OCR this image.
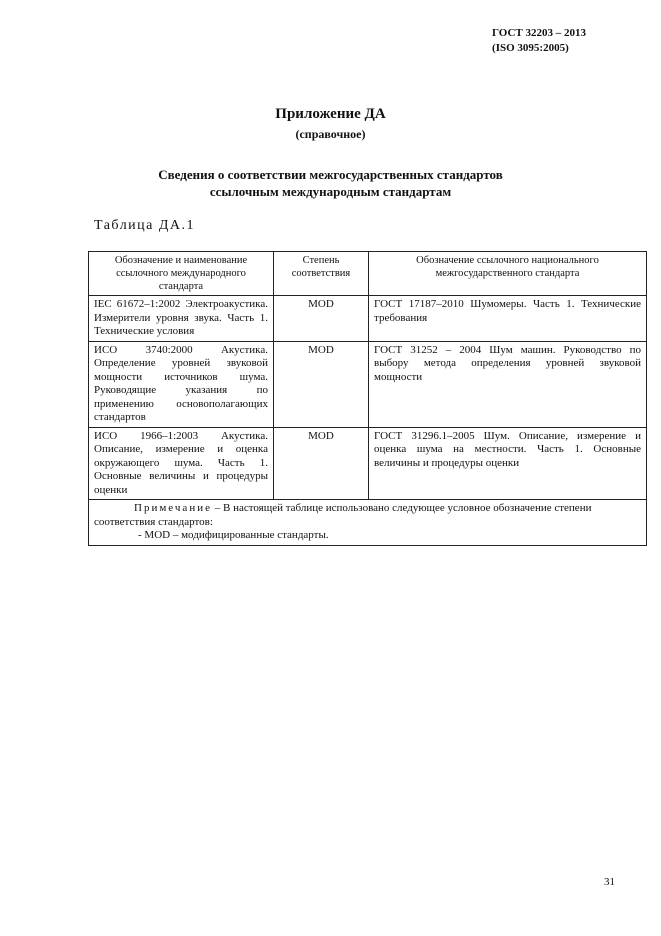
ГОСТ 32203 – 2013
(ISO 3095:2005)
Приложение ДА
(справочное)
Сведения о соответствии межгосударственных стандартов
ссылочным международным стандартам
Таблица ДА.1
Обозначение и наименование ссылочного международного стандарта	Степень соответствия	Обозначение ссылочного национального межгосударственного стандарта
IEC 61672–1:2002 Электроакустика. Измерители уровня звука. Часть 1. Технические условия	MOD	ГОСТ 17187–2010 Шумомеры. Часть 1. Технические требования
ИСО 3740:2000 Акустика. Определение уровней звуковой мощности источников шума. Руководящие указания по применению основополагающих стандартов	MOD	ГОСТ 31252 – 2004 Шум машин. Руководство по выбору метода определения уровней звуковой мощности
ИСО 1966–1:2003 Акустика. Описание, измерение и оценка окружающего шума. Часть 1. Основные величины и процедуры оценки	MOD	ГОСТ 31296.1–2005 Шум. Описание, измерение и оценка шума на местности. Часть 1. Основные величины и процедуры оценки

Примечание – В настоящей таблице использовано следующее условное обозначение степени соответствия стандартов:
- MOD – модифицированные стандарты.		
31
